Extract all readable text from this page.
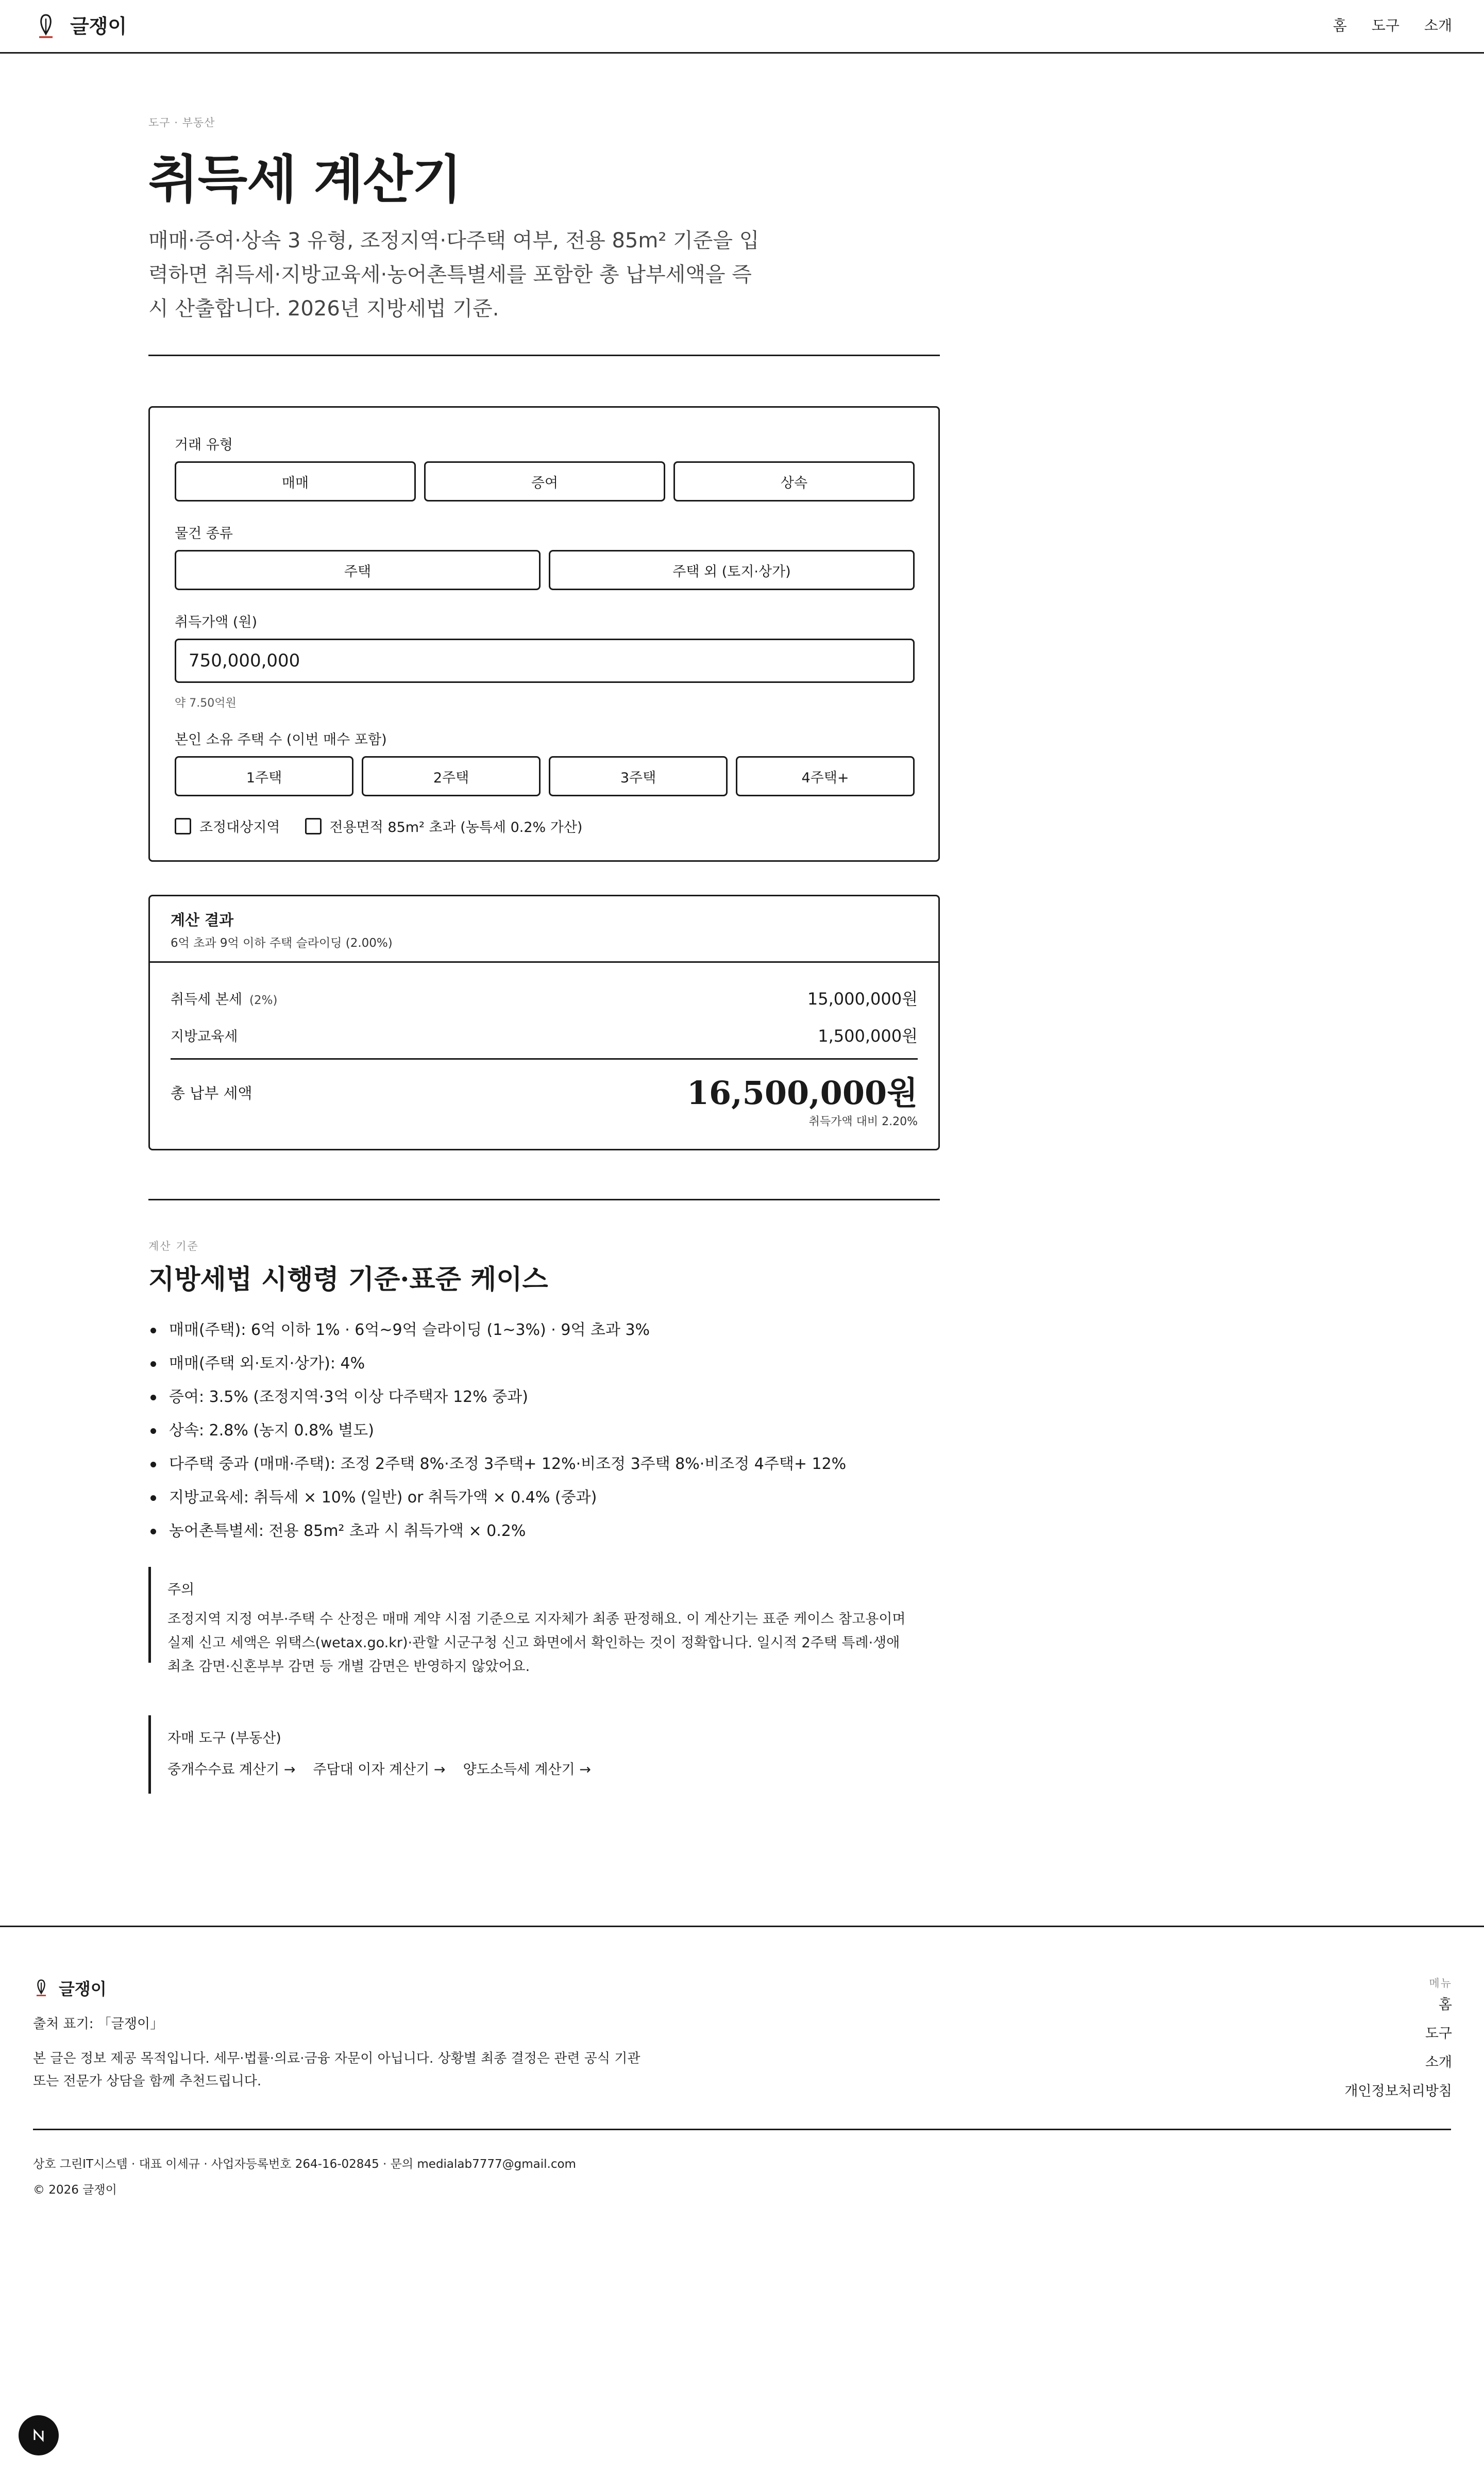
글쟁이	홈 도구 소개
도구 · 부동산
취득세 계산기

매매·증여·상속 3 유형, 조정지역·다주택 여부, 전용 85m² 기준을 입력하면 취득세·지방교육세·농어촌특별세를 포함한 총 납부세액을 즉시 산출합니다. 2026년 지방세법 기준.

거래 유형
매매	증여	상속
물건 종류
주택	주택 외 (토지·상가)
취득가액 (원)
750,000,000
약 7.50억원
본인 소유 주택 수 (이번 매수 포함)
1주택	2주택	3주택	4주택+
조정대상지역	전용면적 85m² 초과 (농특세 0.2% 가산)
계산 결과
6억 초과 9억 이하 주택 슬라이딩 (2.00%)
취득세 본세 (2%)	15,000,000원
지방교육세	1,500,000원
총 납부 세액	16,500,000원
취득가액 대비 2.20%
계산 기준
지방세법 시행령 기준·표준 케이스
매매(주택): 6억 이하 1% · 6억~9억 슬라이딩 (1~3%) · 9억 초과 3%
매매(주택 외·토지·상가): 4%
증여: 3.5% (조정지역·3억 이상 다주택자 12% 중과)
상속: 2.8% (농지 0.8% 별도)
다주택 중과 (매매·주택): 조정 2주택 8%·조정 3주택+ 12%·비조정 3주택 8%·비조정 4주택+ 12%
지방교육세: 취득세 × 10% (일반) or 취득가액 × 0.4% (중과)
농어촌특별세: 전용 85m² 초과 시 취득가액 × 0.2%
주의
조정지역 지정 여부·주택 수 산정은 매매 계약 시점 기준으로 지자체가 최종 판정해요. 이 계산기는 표준 케이스 참고용이며 실제 신고 세액은 위택스(wetax.go.kr)·관할 시군구청 신고 화면에서 확인하는 것이 정확합니다. 일시적 2주택 특례·생애 최초 감면·신혼부부 감면 등 개별 감면은 반영하지 않았어요.
자매 도구 (부동산)
중개수수료 계산기 → 주담대 이자 계산기 → 양도소득세 계산기 →
글쟁이
출처 표기: 「글쟁이」
본 글은 정보 제공 목적입니다. 세무·법률·의료·금융 자문이 아닙니다. 상황별 최종 결정은 관련 공식 기관 또는 전문가 상담을 함께 추천드립니다.
메뉴
홈
도구
소개
개인정보처리방침
상호 그린IT시스템 · 대표 이세규 · 사업자등록번호 264-16-02845 · 문의 medialab7777@gmail.com
© 2026 글쟁이
